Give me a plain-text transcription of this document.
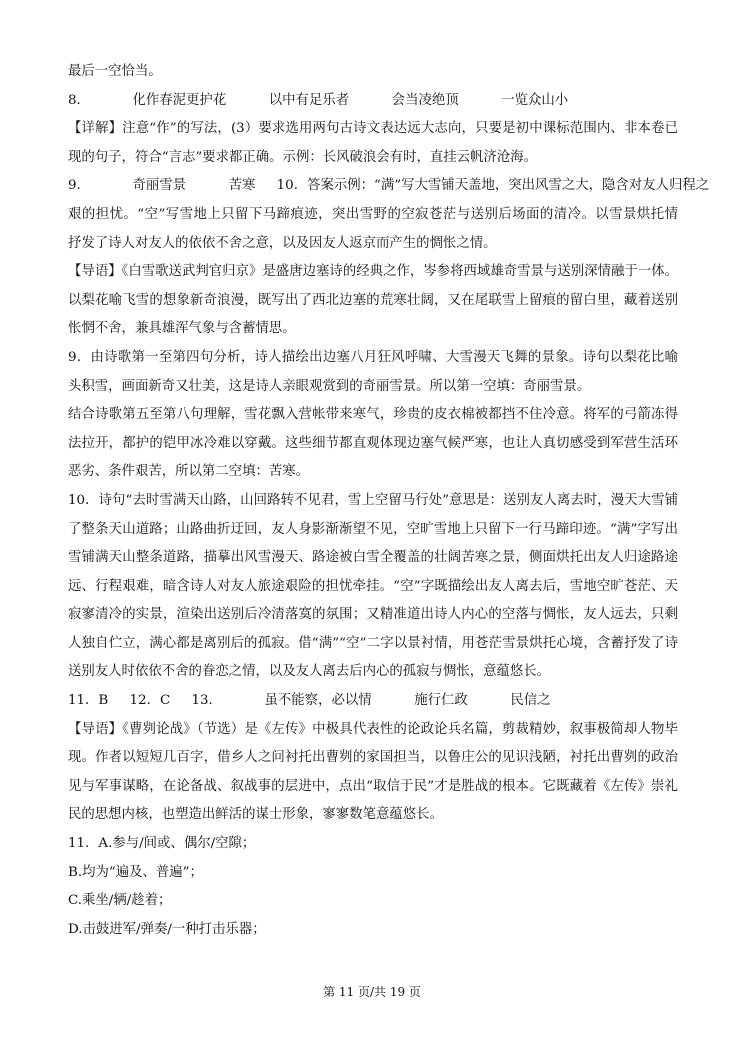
最后一空恰当。
8．          化作春泥更护花          以中有足乐者          会当凌绝顶          一览众山小
【详解】注意“作”的写法，(3）要求选用两句古诗文表达远大志向，只要是初中课标范围内、非本卷已
现的句子，符合“言志”要求都正确。示例：长风破浪会有时，直挂云帆济沧海。
9．          奇丽雪景          苦寒     10．答案示例：“满”写大雪铺天盖地，突出风雪之大，隐含对友人归程之
艰的担忧。“空”写雪地上只留下马蹄痕迹，突出雪野的空寂苍茫与送别后场面的清冷。以雪景烘托情
抒发了诗人对友人的依依不舍之意，以及因友人返京而产生的惆怅之情。
【导语】《白雪歌送武判官归京》是盛唐边塞诗的经典之作，岑参将西域雄奇雪景与送别深情融于一体。
以梨花喻飞雪的想象新奇浪漫，既写出了西北边塞的荒寒壮阔，又在尾联雪上留痕的留白里，藏着送别
怅惘不舍，兼具雄浑气象与含蓄情思。
9．由诗歌第一至第四句分析，诗人描绘出边塞八月狂风呼啸、大雪漫天飞舞的景象。诗句以梨花比喻
头积雪，画面新奇又壮美，这是诗人亲眼观赏到的奇丽雪景。所以第一空填：奇丽雪景。
结合诗歌第五至第八句理解，雪花飘入营帐带来寒气，珍贵的皮衣棉被都挡不住冷意。将军的弓箭冻得
法拉开，都护的铠甲冰冷难以穿戴。这些细节都直观体现边塞气候严寒，也让人真切感受到军营生活环
恶劣、条件艰苦，所以第二空填：苦寒。
10．诗句“去时雪满天山路，山回路转不见君，雪上空留马行处”意思是：送别友人离去时，漫天大雪铺
了整条天山道路；山路曲折迂回，友人身影渐渐望不见，空旷雪地上只留下一行马蹄印迹。“满”字写出
雪铺满天山整条道路，描摹出风雪漫天、路途被白雪全覆盖的壮阔苦寒之景，侧面烘托出友人归途路途
远、行程艰难，暗含诗人对友人旅途艰险的担忧牵挂。“空”字既描绘出友人离去后，雪地空旷苍茫、天
寂寥清冷的实景，渲染出送别后冷清落寞的氛围；又精准道出诗人内心的空落与惆怅，友人远去，只剩
人独自伫立，满心都是离别后的孤寂。借“满”“空”二字以景衬情，用苍茫雪景烘托心境，含蓄抒发了诗
送别友人时依依不舍的眷恋之情，以及友人离去后内心的孤寂与惆怅，意蕴悠长。
11．B     12．C     13．          虽不能察，必以情          施行仁政          民信之
【导语】《曹刿论战》（节选）是《左传》中极具代表性的论政论兵名篇，剪裁精妙，叙事极简却人物毕
现。作者以短短几百字，借乡人之问衬托出曹刿的家国担当，以鲁庄公的见识浅陋，衬托出曹刿的政治
见与军事谋略，在论备战、叙战事的层进中，点出“取信于民”才是胜战的根本。它既藏着《左传》崇礼
民的思想内核，也塑造出鲜活的谋士形象，寥寥数笔意蕴悠长。
11．A.参与/间或、偶尔/空隙；
B.均为“遍及、普遍”；
C.乘坐/辆/趁着；
D.击鼓进军/弹奏/一种打击乐器；
第 11 页/共 19 页
